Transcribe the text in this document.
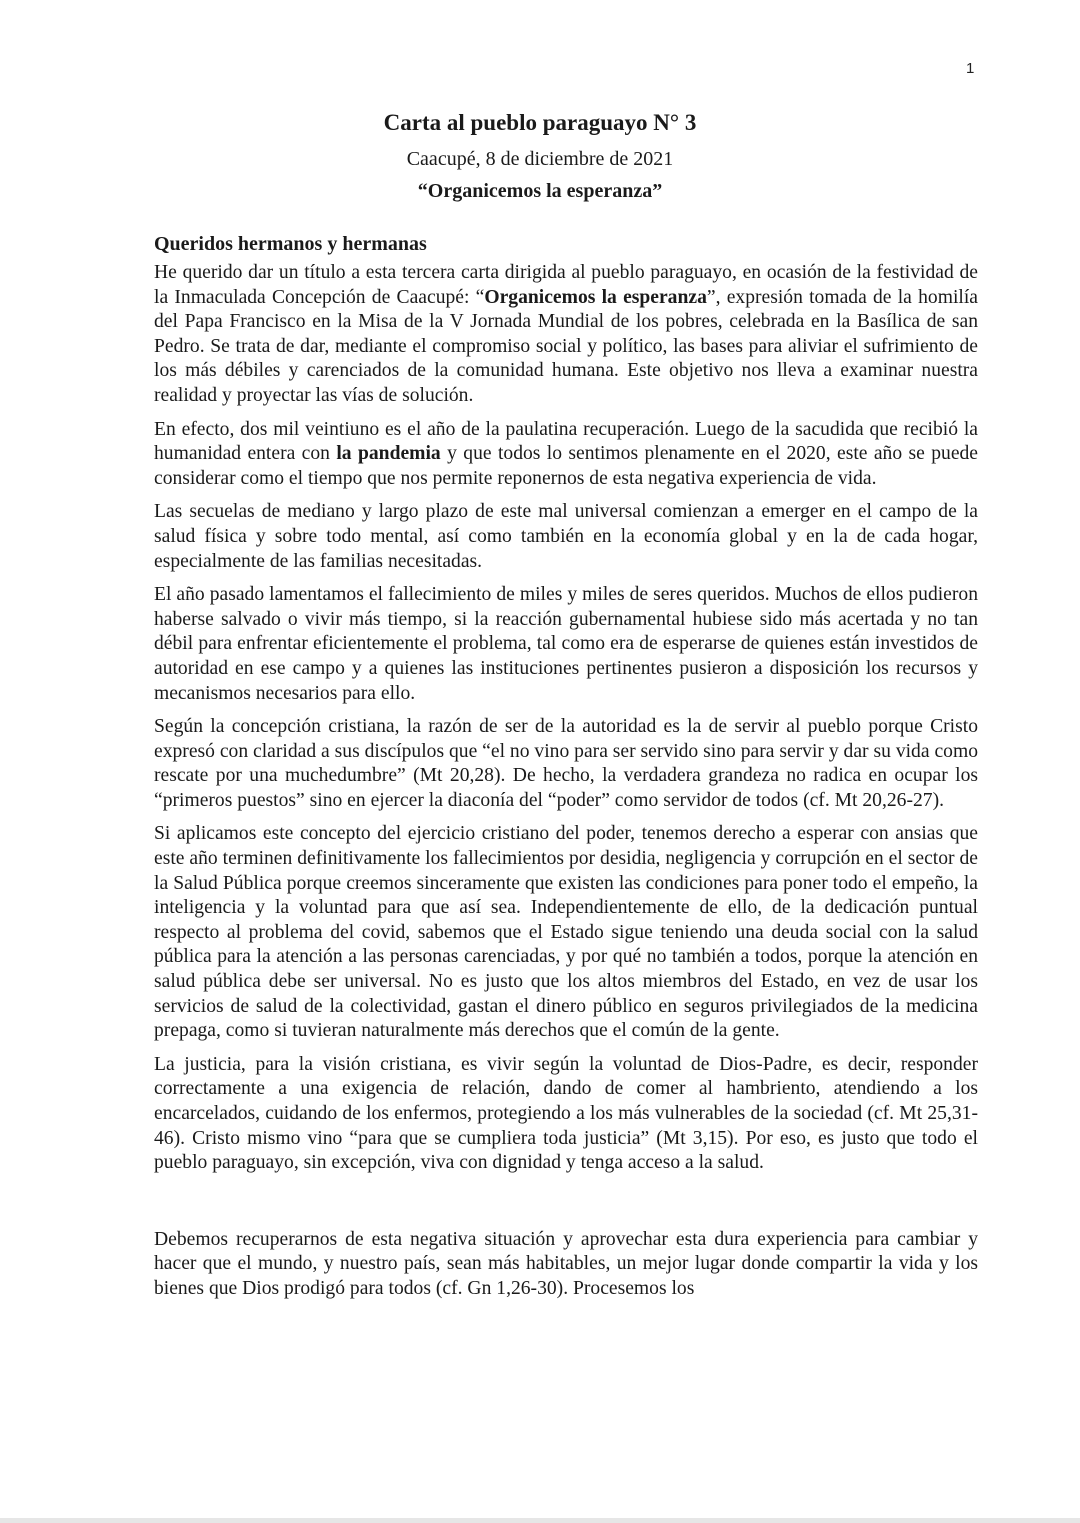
1
Carta al pueblo paraguayo N° 3

Caacupé, 8 de diciembre de 2021

“Organicemos la esperanza”

Queridos hermanos y hermanas

He querido dar un título a esta tercera carta dirigida al pueblo paraguayo, en ocasión de la festividad de la Inmaculada Concepción de Caacupé: “Organicemos la esperanza”, expresión tomada de la homilía del Papa Francisco en la Misa de la V Jornada Mundial de los pobres, celebrada en la Basílica de san Pedro. Se trata de dar, mediante el compromiso social y político, las bases para aliviar el sufrimiento de los más débiles y carenciados de la comunidad humana. Este objetivo nos lleva a examinar nuestra realidad y proyectar las vías de solución.

En efecto, dos mil veintiuno es el año de la paulatina recuperación. Luego de la sacudida que recibió la humanidad entera con la pandemia y que todos lo sentimos plenamente en el 2020, este año se puede considerar como el tiempo que nos permite reponernos de esta negativa experiencia de vida.

Las secuelas de mediano y largo plazo de este mal universal comienzan a emerger en el campo de la salud física y sobre todo mental, así como también en la economía global y en la de cada hogar, especialmente de las familias necesitadas.

El año pasado lamentamos el fallecimiento de miles y miles de seres queridos. Muchos de ellos pudieron haberse salvado o vivir más tiempo, si la reacción gubernamental hubiese sido más acertada y no tan débil para enfrentar eficientemente el problema, tal como era de esperarse de quienes están investidos de autoridad en ese campo y a quienes las instituciones pertinentes pusieron a disposición los recursos y mecanismos necesarios para ello.

Según la concepción cristiana, la razón de ser de la autoridad es la de servir al pueblo porque Cristo expresó con claridad a sus discípulos que “el no vino para ser servido sino para servir y dar su vida como rescate por una muchedumbre” (Mt 20,28). De hecho, la verdadera grandeza no radica en ocupar los “primeros puestos” sino en ejercer la diaconía del “poder” como servidor de todos (cf. Mt 20,26-27).

Si aplicamos este concepto del ejercicio cristiano del poder, tenemos derecho a esperar con ansias que este año terminen definitivamente los fallecimientos por desidia, negligencia y corrupción en el sector de la Salud Pública porque creemos sinceramente que existen las condiciones para poner todo el empeño, la inteligencia y la voluntad para que así sea. Independientemente de ello, de la dedicación puntual respecto al problema del covid, sabemos que el Estado sigue teniendo una deuda social con la salud pública para la atención a las personas carenciadas, y por qué no también a todos, porque la atención en salud pública debe ser universal. No es justo que los altos miembros del Estado, en vez de usar los servicios de salud de la colectividad, gastan el dinero público en seguros privilegiados de la medicina prepaga, como si tuvieran naturalmente más derechos que el común de la gente.

La justicia, para la visión cristiana, es vivir según la voluntad de Dios-Padre, es decir, responder correctamente a una exigencia de relación, dando de comer al hambriento, atendiendo a los encarcelados, cuidando de los enfermos, protegiendo a los más vulnerables de la sociedad (cf. Mt 25,31-46). Cristo mismo vino “para que se cumpliera toda justicia” (Mt 3,15). Por eso, es justo que todo el pueblo paraguayo, sin excepción, viva con dignidad y tenga acceso a la salud.

Debemos recuperarnos de esta negativa situación y aprovechar esta dura experiencia para cambiar y hacer que el mundo, y nuestro país, sean más habitables, un mejor lugar donde compartir la vida y los bienes que Dios prodigó para todos (cf. Gn 1,26-30). Procesemos los
